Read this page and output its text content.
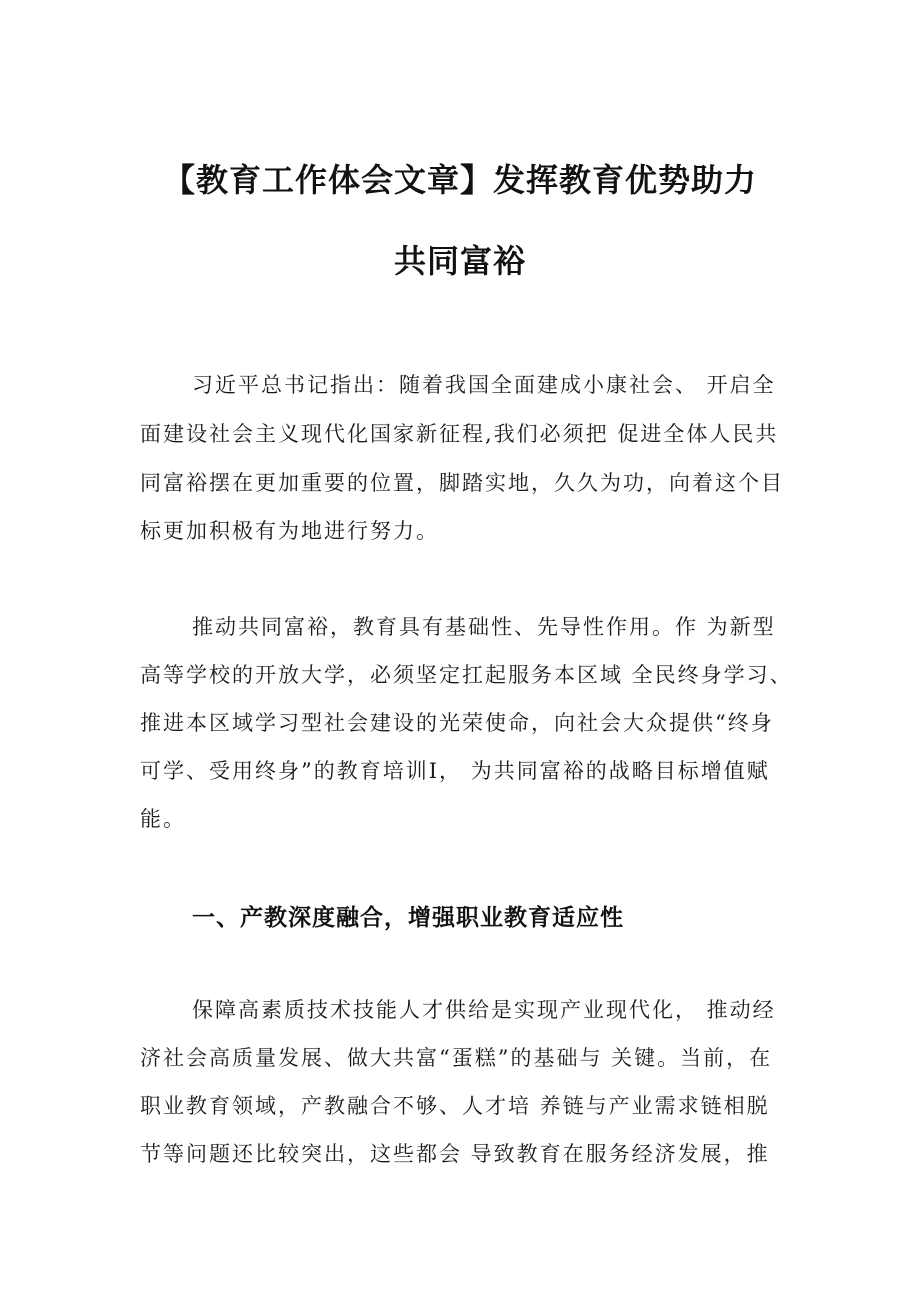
【教育工作体会文章】发挥教育优势助力
共同富裕
习近平总书记指出：随着我国全面建成小康社会、 开启全
面建设社会主义现代化国家新征程,我们必须把 促进全体人民共
同富裕摆在更加重要的位置，脚踏实地，久久为功，向着这个目
标更加积极有为地进行努力。
推动共同富裕，教育具有基础性、先导性作用。作 为新型
高等学校的开放大学，必须坚定扛起服务本区域 全民终身学习、
推进本区域学习型社会建设的光荣使命，向社会大众提供“终身
可学、受用终身”的教育培训I， 为共同富裕的战略目标增值赋
能。
一、产教深度融合，增强职业教育适应性
保障高素质技术技能人才供给是实现产业现代化， 推动经
济社会高质量发展、做大共富“蛋糕”的基础与 关键。当前，在
职业教育领域，产教融合不够、人才培 养链与产业需求链相脱
节等问题还比较突出，这些都会 导致教育在服务经济发展，推
